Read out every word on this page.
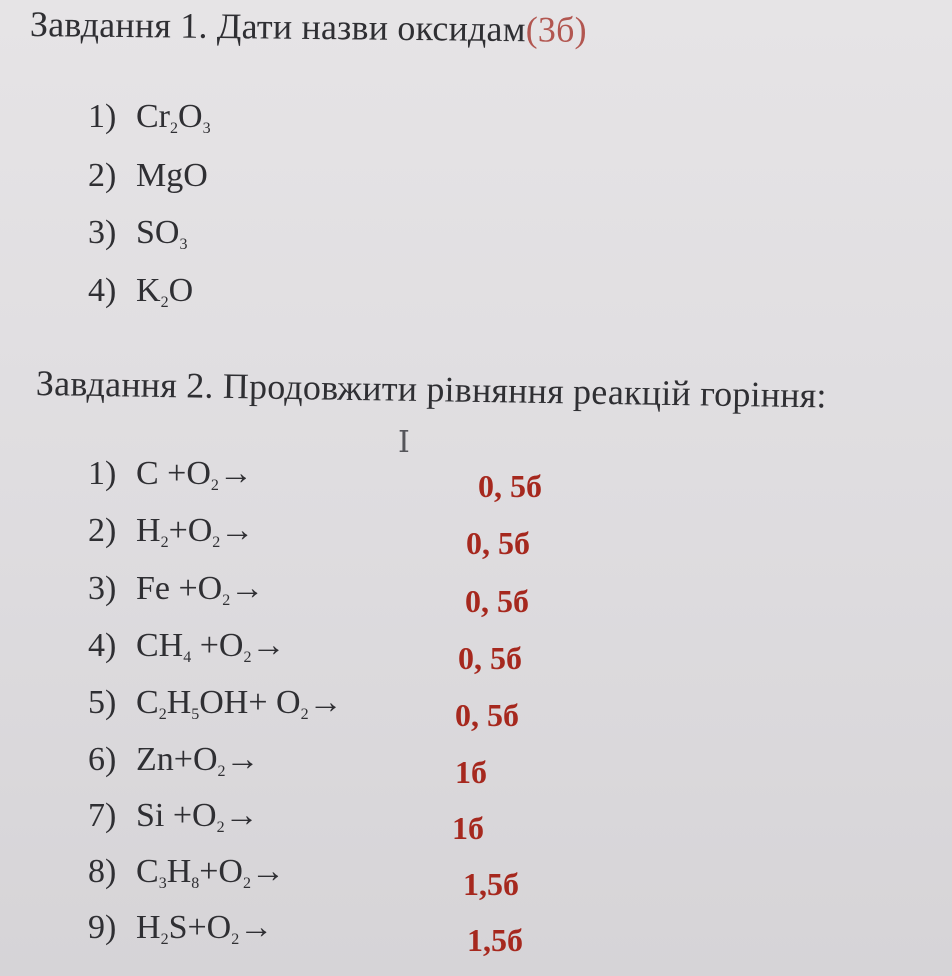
Завдання 1. Дати назви оксидам(3б)
Завдання 2. Продовжити рівняння реакцій горіння:
I
1) $Cr_2O_3$
2) MgO
3) $SO_3$
4) $K_2O$
1) $C +O_2\to$
2) $H_2+O_2\to$
3) $Fe +O_2\to$
4) $CH_4 +O_2\to$
5) $C_2H_5OH+ O_2\to$
6) $Zn+O_2\to$
7) $Si +O_2\to$
8) $C_3H_8+O_2\to$
9) $H_2S+O_2\to$
0, 5б
0, 5б
0, 5б
0, 5б
0, 5б
1б
1б
1,5б
1,5б
